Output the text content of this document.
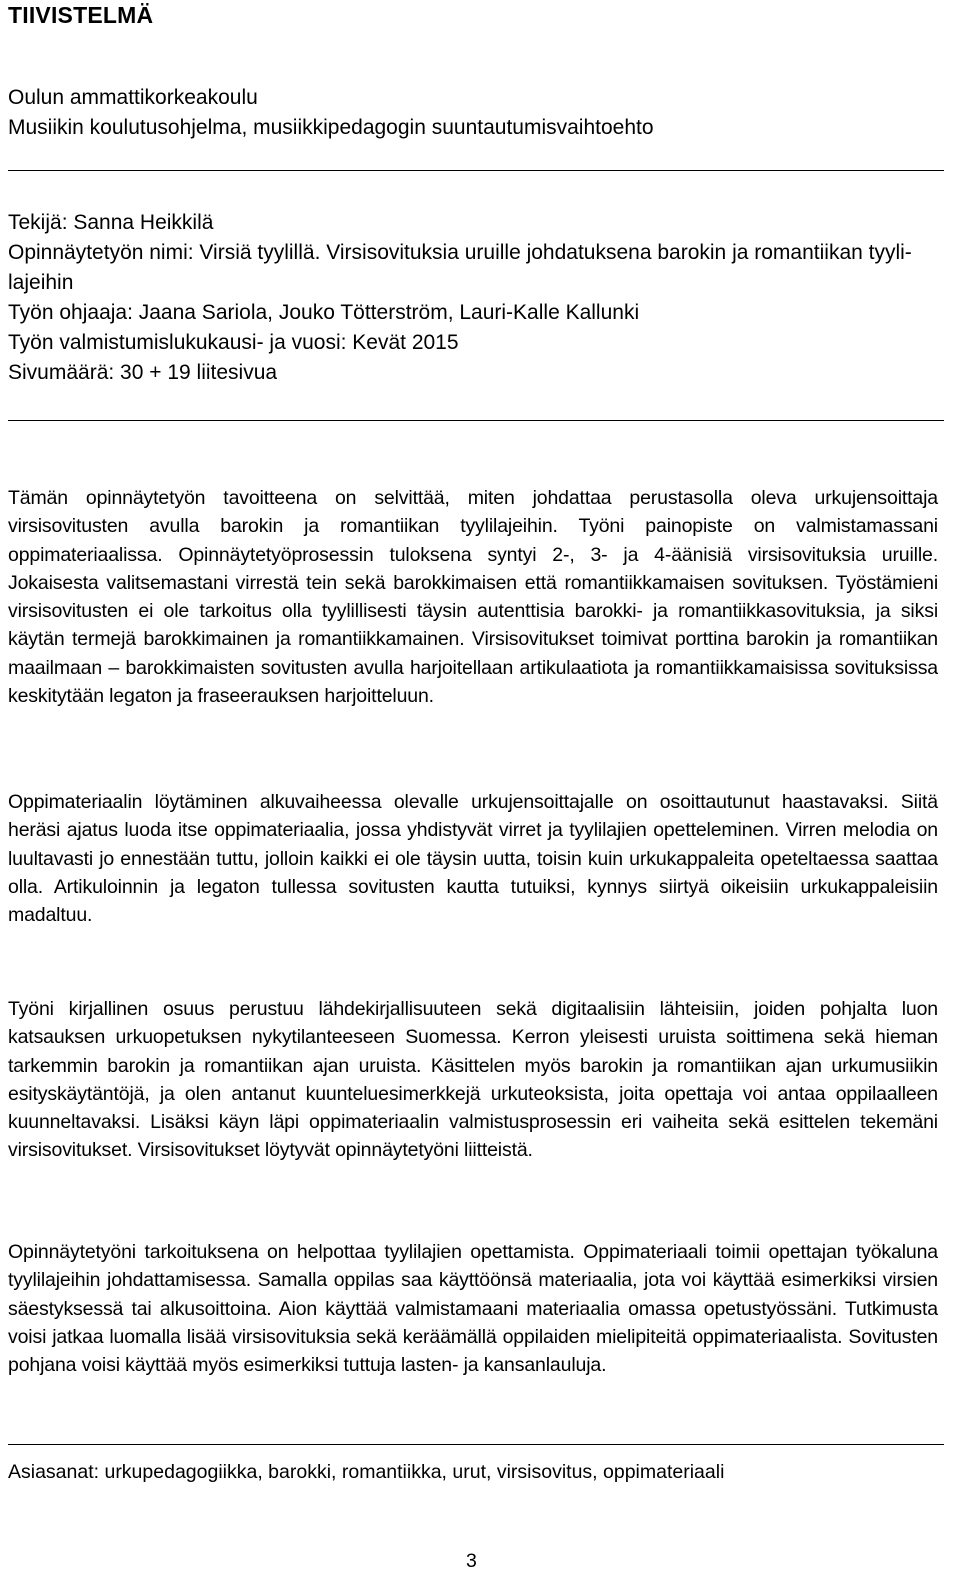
TIIVISTELMÄ
Oulun ammattikorkeakoulu
Musiikin koulutusohjelma, musiikkipedagogin suuntautumisvaihtoehto
Tekijä: Sanna Heikkilä
Opinnäytetyön nimi: Virsiä tyylillä. Virsisovituksia uruille johdatuksena barokin ja romantiikan tyyli-
lajeihin
Työn ohjaaja: Jaana Sariola, Jouko Tötterström, Lauri-Kalle Kallunki
Työn valmistumislukukausi- ja vuosi: Kevät 2015
Sivumäärä: 30 + 19 liitesivua

Tämän opinnäytetyön tavoitteena on selvittää, miten johdattaa perustasolla oleva urkujensoittaja virsisovitusten avulla barokin ja romantiikan tyylilajeihin. Työni painopiste on valmistamassani oppimateriaalissa. Opinnäytetyöprosessin tuloksena syntyi 2-, 3- ja 4-äänisiä virsisovituksia uruille. Jokaisesta valitsemastani virrestä tein sekä barokkimaisen että romantiikkamaisen sovituksen. Työstämieni virsisovitusten ei ole tarkoitus olla tyylillisesti täysin autenttisia barokki- ja romantiikkasovituksia, ja siksi käytän termejä barokkimainen ja romantiikkamainen. Virsisovitukset toimivat porttina barokin ja romantiikan maailmaan – barokkimaisten sovitusten avulla harjoitellaan artikulaatiota ja romantiikkamaisissa sovituksissa keskitytään legaton ja fraseerauksen harjoitteluun.

Oppimateriaalin löytäminen alkuvaiheessa olevalle urkujensoittajalle on osoittautunut haastavaksi. Siitä heräsi ajatus luoda itse oppimateriaalia, jossa yhdistyvät virret ja tyylilajien opetteleminen. Virren melodia on luultavasti jo ennestään tuttu, jolloin kaikki ei ole täysin uutta, toisin kuin urkukappaleita opeteltaessa saattaa olla. Artikuloinnin ja legaton tullessa sovitusten kautta tutuiksi, kynnys siirtyä oikeisiin urkukappaleisiin madaltuu.

Työni kirjallinen osuus perustuu lähdekirjallisuuteen sekä digitaalisiin lähteisiin, joiden pohjalta luon katsauksen urkuopetuksen nykytilanteeseen Suomessa. Kerron yleisesti uruista soittimena sekä hieman tarkemmin barokin ja romantiikan ajan uruista. Käsittelen myös barokin ja romantiikan ajan urkumusiikin esityskäytäntöjä, ja olen antanut kuunteluesimerkkejä urkuteoksista, joita opettaja voi antaa oppilaalleen kuunneltavaksi. Lisäksi käyn läpi oppimateriaalin valmistusprosessin eri vaiheita sekä esittelen tekemäni virsisovitukset. Virsisovitukset löytyvät opinnäytetyöni liitteistä.

Opinnäytetyöni tarkoituksena on helpottaa tyylilajien opettamista. Oppimateriaali toimii opettajan työkaluna tyylilajeihin johdattamisessa. Samalla oppilas saa käyttöönsä materiaalia, jota voi käyttää esimerkiksi virsien säestyksessä tai alkusoittoina. Aion käyttää valmistamaani materiaalia omassa opetustyössäni. Tutkimusta voisi jatkaa luomalla lisää virsisovituksia sekä keräämällä oppilaiden mielipiteitä oppimateriaalista. Sovitusten pohjana voisi käyttää myös esimerkiksi tuttuja lasten- ja kansanlauluja.

Asiasanat: urkupedagogiikka, barokki, romantiikka, urut, virsisovitus, oppimateriaali
3
